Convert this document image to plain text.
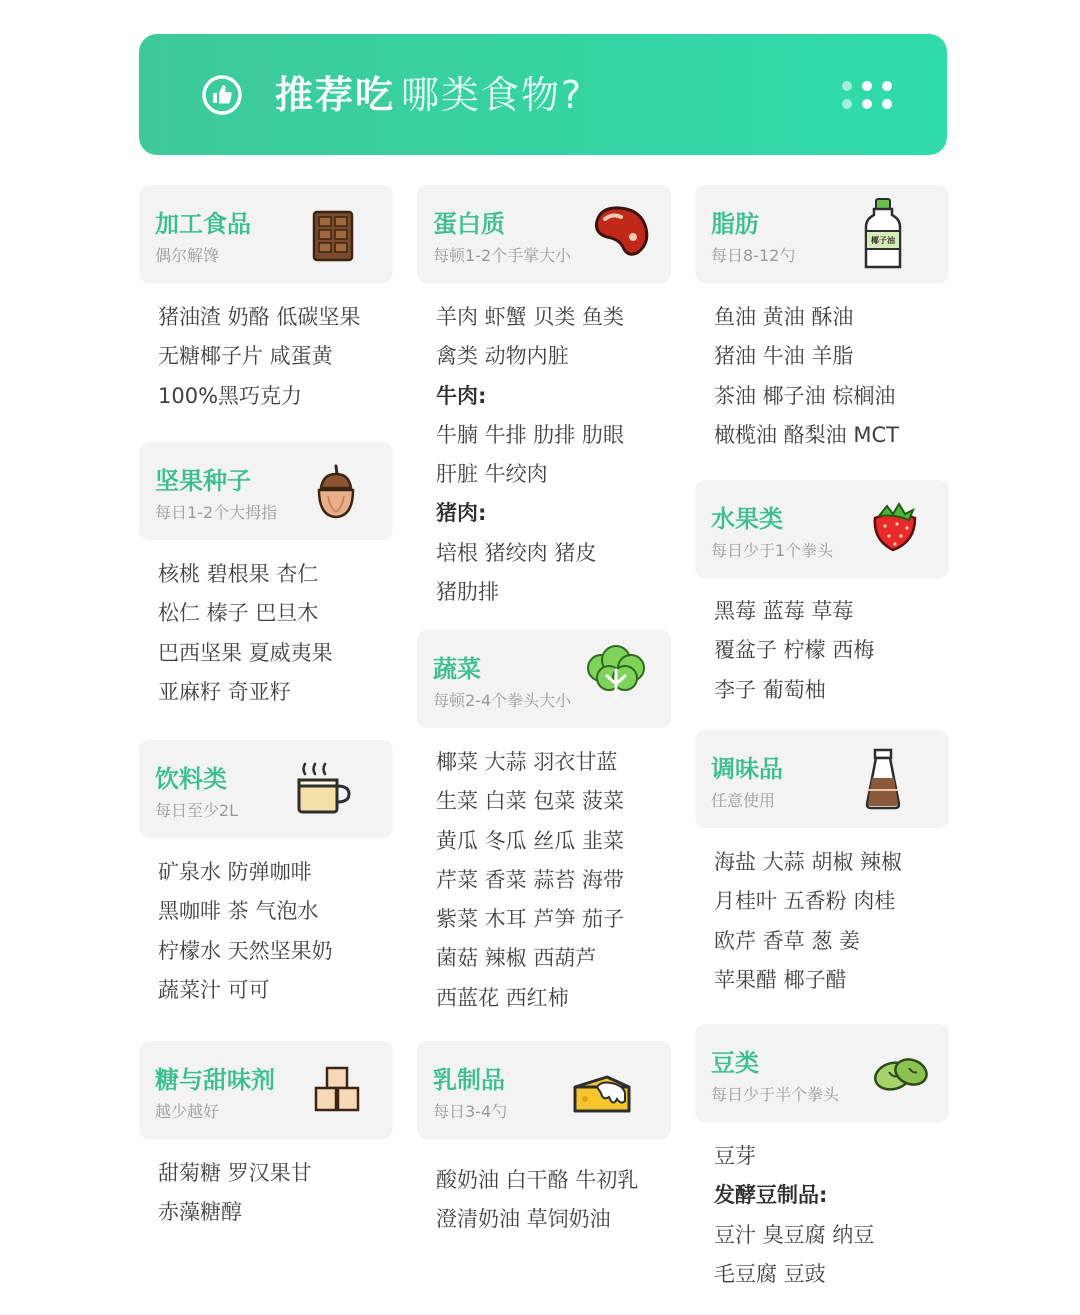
推荐吃 哪类食物?
加工食品
偶尔解馋
猪油渣 奶酪 低碳坚果
无糖椰子片 咸蛋黄
100%黑巧克力
坚果种子
每日1-2个大拇指
核桃 碧根果 杏仁
松仁 榛子 巴旦木
巴西坚果 夏威夷果
亚麻籽 奇亚籽
饮料类
每日至少2L
矿泉水 防弹咖啡
黑咖啡 茶 气泡水
柠檬水 天然坚果奶
蔬菜汁 可可
糖与甜味剂
越少越好
甜菊糖 罗汉果甘
赤藻糖醇
蛋白质
每顿1-2个手掌大小
羊肉 虾蟹 贝类 鱼类
禽类 动物内脏
牛肉:
牛腩 牛排 肋排 肋眼
肝脏 牛绞肉
猪肉:
培根 猪绞肉 猪皮
猪肋排
蔬菜
每顿2-4个拳头大小
椰菜 大蒜 羽衣甘蓝
生菜 白菜 包菜 菠菜
黄瓜 冬瓜 丝瓜 韭菜
芹菜 香菜 蒜苔 海带
紫菜 木耳 芦笋 茄子
菌菇 辣椒 西葫芦
西蓝花 西红柿
乳制品
每日3-4勺
酸奶油 白干酪 牛初乳
澄清奶油 草饲奶油
脂肪
每日8-12勺
椰子油
鱼油 黄油 酥油
猪油 牛油 羊脂
茶油 椰子油 棕榈油
橄榄油 酪梨油 MCT
水果类
每日少于1个拳头
黑莓 蓝莓 草莓
覆盆子 柠檬 西梅
李子 葡萄柚
调味品
任意使用
海盐 大蒜 胡椒 辣椒
月桂叶 五香粉 肉桂
欧芹 香草 葱 姜
苹果醋 椰子醋
豆类
每日少于半个拳头
豆芽
发酵豆制品:
豆汁 臭豆腐 纳豆
毛豆腐 豆豉
